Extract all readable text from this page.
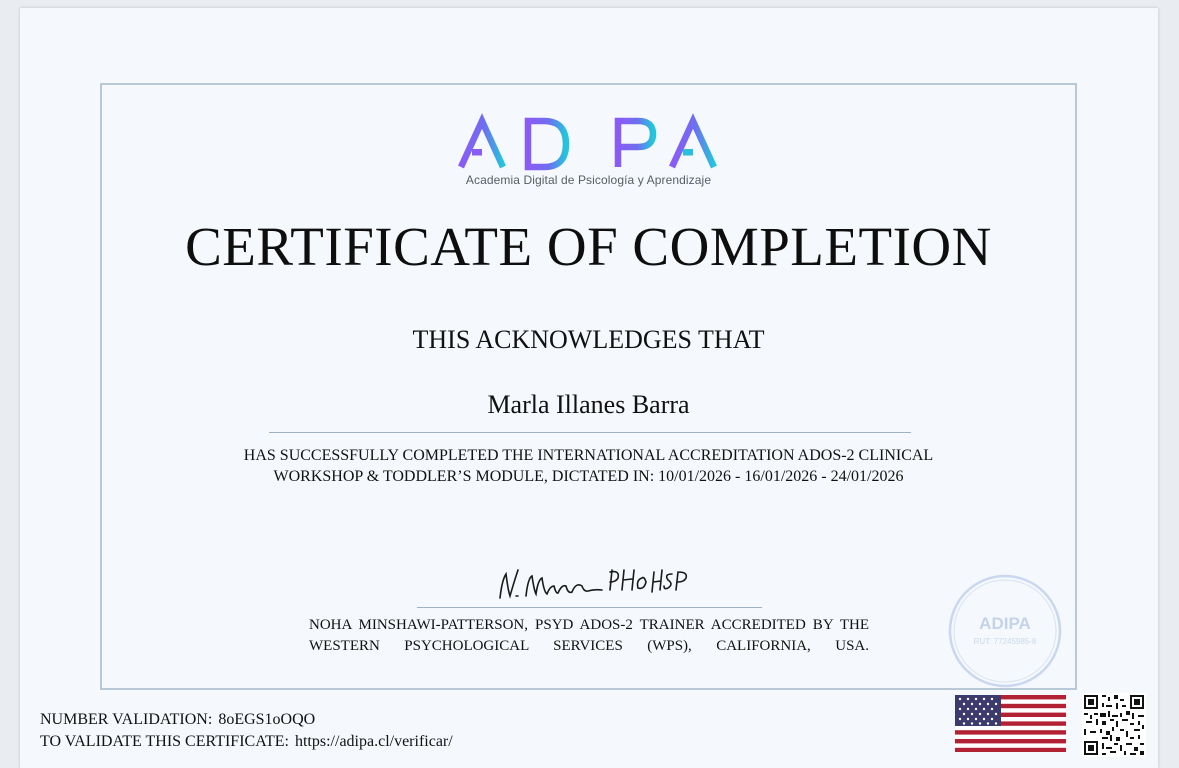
Academia Digital de Psicología y Aprendizaje
CERTIFICATE OF COMPLETION
THIS ACKNOWLEDGES THAT
Marla Illanes Barra
HAS SUCCESSFULLY COMPLETED THE INTERNATIONAL ACCREDITATION ADOS-2 CLINICAL
WORKSHOP & TODDLER’S MODULE, DICTATED IN: 10/01/2026 - 16/01/2026 - 24/01/2026
NOHA MINSHAWI-PATTERSON, PSYD ADOS-2 TRAINER ACCREDITED BY THE
WESTERN PSYCHOLOGICAL SERVICES (WPS), CALIFORNIA, USA.
ADIPA
RUT: 77245985-8
NUMBER VALIDATION: 8oEGS1oOQO
TO VALIDATE THIS CERTIFICATE: https://adipa.cl/verificar/
